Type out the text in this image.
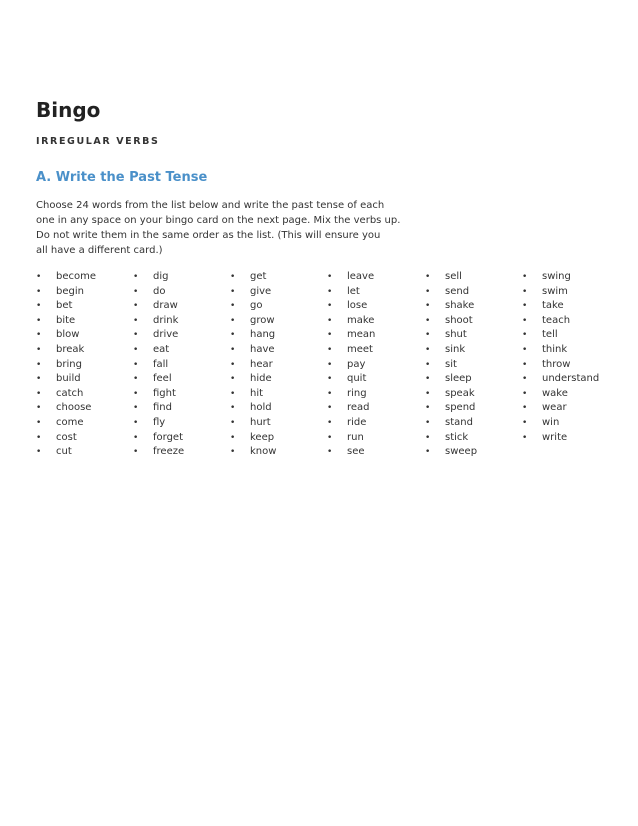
Bingo
IRREGULAR VERBS
A. Write the Past Tense
Choose 24 words from the list below and write the past tense of each
one in any space on your bingo card on the next page. Mix the verbs up.
Do not write them in the same order as the list. (This will ensure you
all have a different card.)
• become
• begin
• bet
• bite
• blow
• break
• bring
• build
• catch
• choose
• come
• cost
• cut
• dig
• do
• draw
• drink
• drive
• eat
• fall
• feel
• fight
• find
• fly
• forget
• freeze
• get
• give
• go
• grow
• hang
• have
• hear
• hide
• hit
• hold
• hurt
• keep
• know
• leave
• let
• lose
• make
• mean
• meet
• pay
• quit
• ring
• read
• ride
• run
• see
• sell
• send
• shake
• shoot
• shut
• sink
• sit
• sleep
• speak
• spend
• stand
• stick
• sweep
• swing
• swim
• take
• teach
• tell
• think
• throw
• understand
• wake
• wear
• win
• write
